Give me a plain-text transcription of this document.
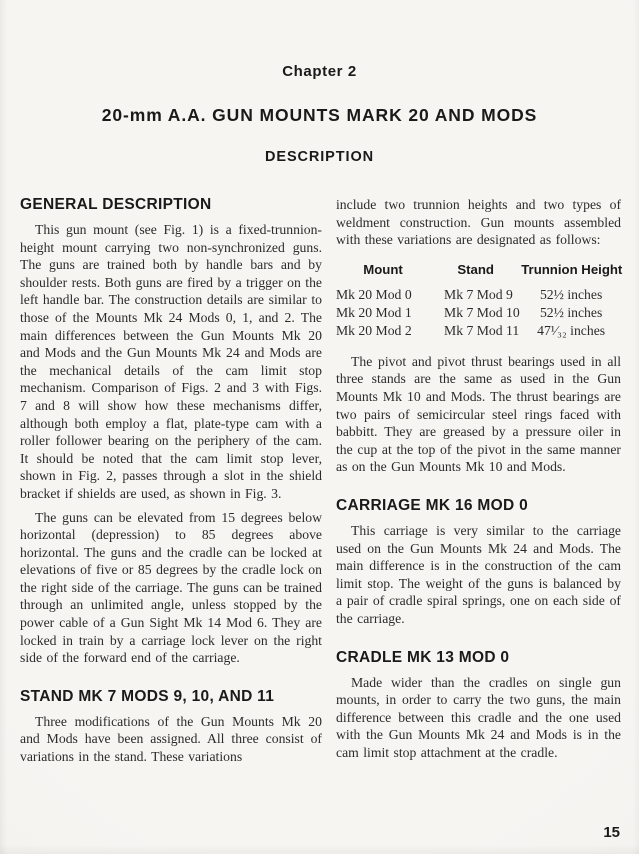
Chapter 2
20-mm A.A. GUN MOUNTS MARK 20 AND MODS
DESCRIPTION
GENERAL DESCRIPTION

This gun mount (see Fig. 1) is a fixed-trunnion-height mount carrying two non-synchronized guns. The guns are trained both by handle bars and by shoulder rests. Both guns are fired by a trigger on the left handle bar. The construction details are similar to those of the Mounts Mk 24 Mods 0, 1, and 2. The main differences between the Gun Mounts Mk 20 and Mods and the Gun Mounts Mk 24 and Mods are the mechanical details of the cam limit stop mechanism. Comparison of Figs. 2 and 3 with Figs. 7 and 8 will show how these mechanisms differ, although both employ a flat, plate-type cam with a roller follower bearing on the periphery of the cam. It should be noted that the cam limit stop lever, shown in Fig. 2, passes through a slot in the shield bracket if shields are used, as shown in Fig. 3.

The guns can be elevated from 15 degrees below horizontal (depression) to 85 degrees above horizontal. The guns and the cradle can be locked at elevations of five or 85 degrees by the cradle lock on the right side of the carriage. The guns can be trained through an unlimited angle, unless stopped by the power cable of a Gun Sight Mk 14 Mod 6. They are locked in train by a carriage lock lever on the right side of the forward end of the carriage.

STAND MK 7 MODS 9, 10, AND 11

Three modifications of the Gun Mounts Mk 20 and Mods have been assigned. All three consist of variations in the stand. These variations

include two trunnion heights and two types of weldment construction. Gun mounts assembled with these variations are designated as follows:

Mount	Stand	Trunnion Height
Mk 20 Mod 0	Mk 7 Mod 9	52½ inches
Mk 20 Mod 1	Mk 7 Mod 10	52½ inches
Mk 20 Mod 2	Mk 7 Mod 11	47¹⁄₃₂ inches

The pivot and pivot thrust bearings used in all three stands are the same as used in the Gun Mounts Mk 10 and Mods. The thrust bearings are two pairs of semicircular steel rings faced with babbitt. They are greased by a pressure oiler in the cup at the top of the pivot in the same manner as on the Gun Mounts Mk 10 and Mods.

CARRIAGE MK 16 MOD 0

This carriage is very similar to the carriage used on the Gun Mounts Mk 24 and Mods. The main difference is in the construction of the cam limit stop. The weight of the guns is balanced by a pair of cradle spiral springs, one on each side of the carriage.

CRADLE MK 13 MOD 0

Made wider than the cradles on single gun mounts, in order to carry the two guns, the main difference between this cradle and the one used with the Gun Mounts Mk 24 and Mods is in the cam limit stop attachment at the cradle.

15
